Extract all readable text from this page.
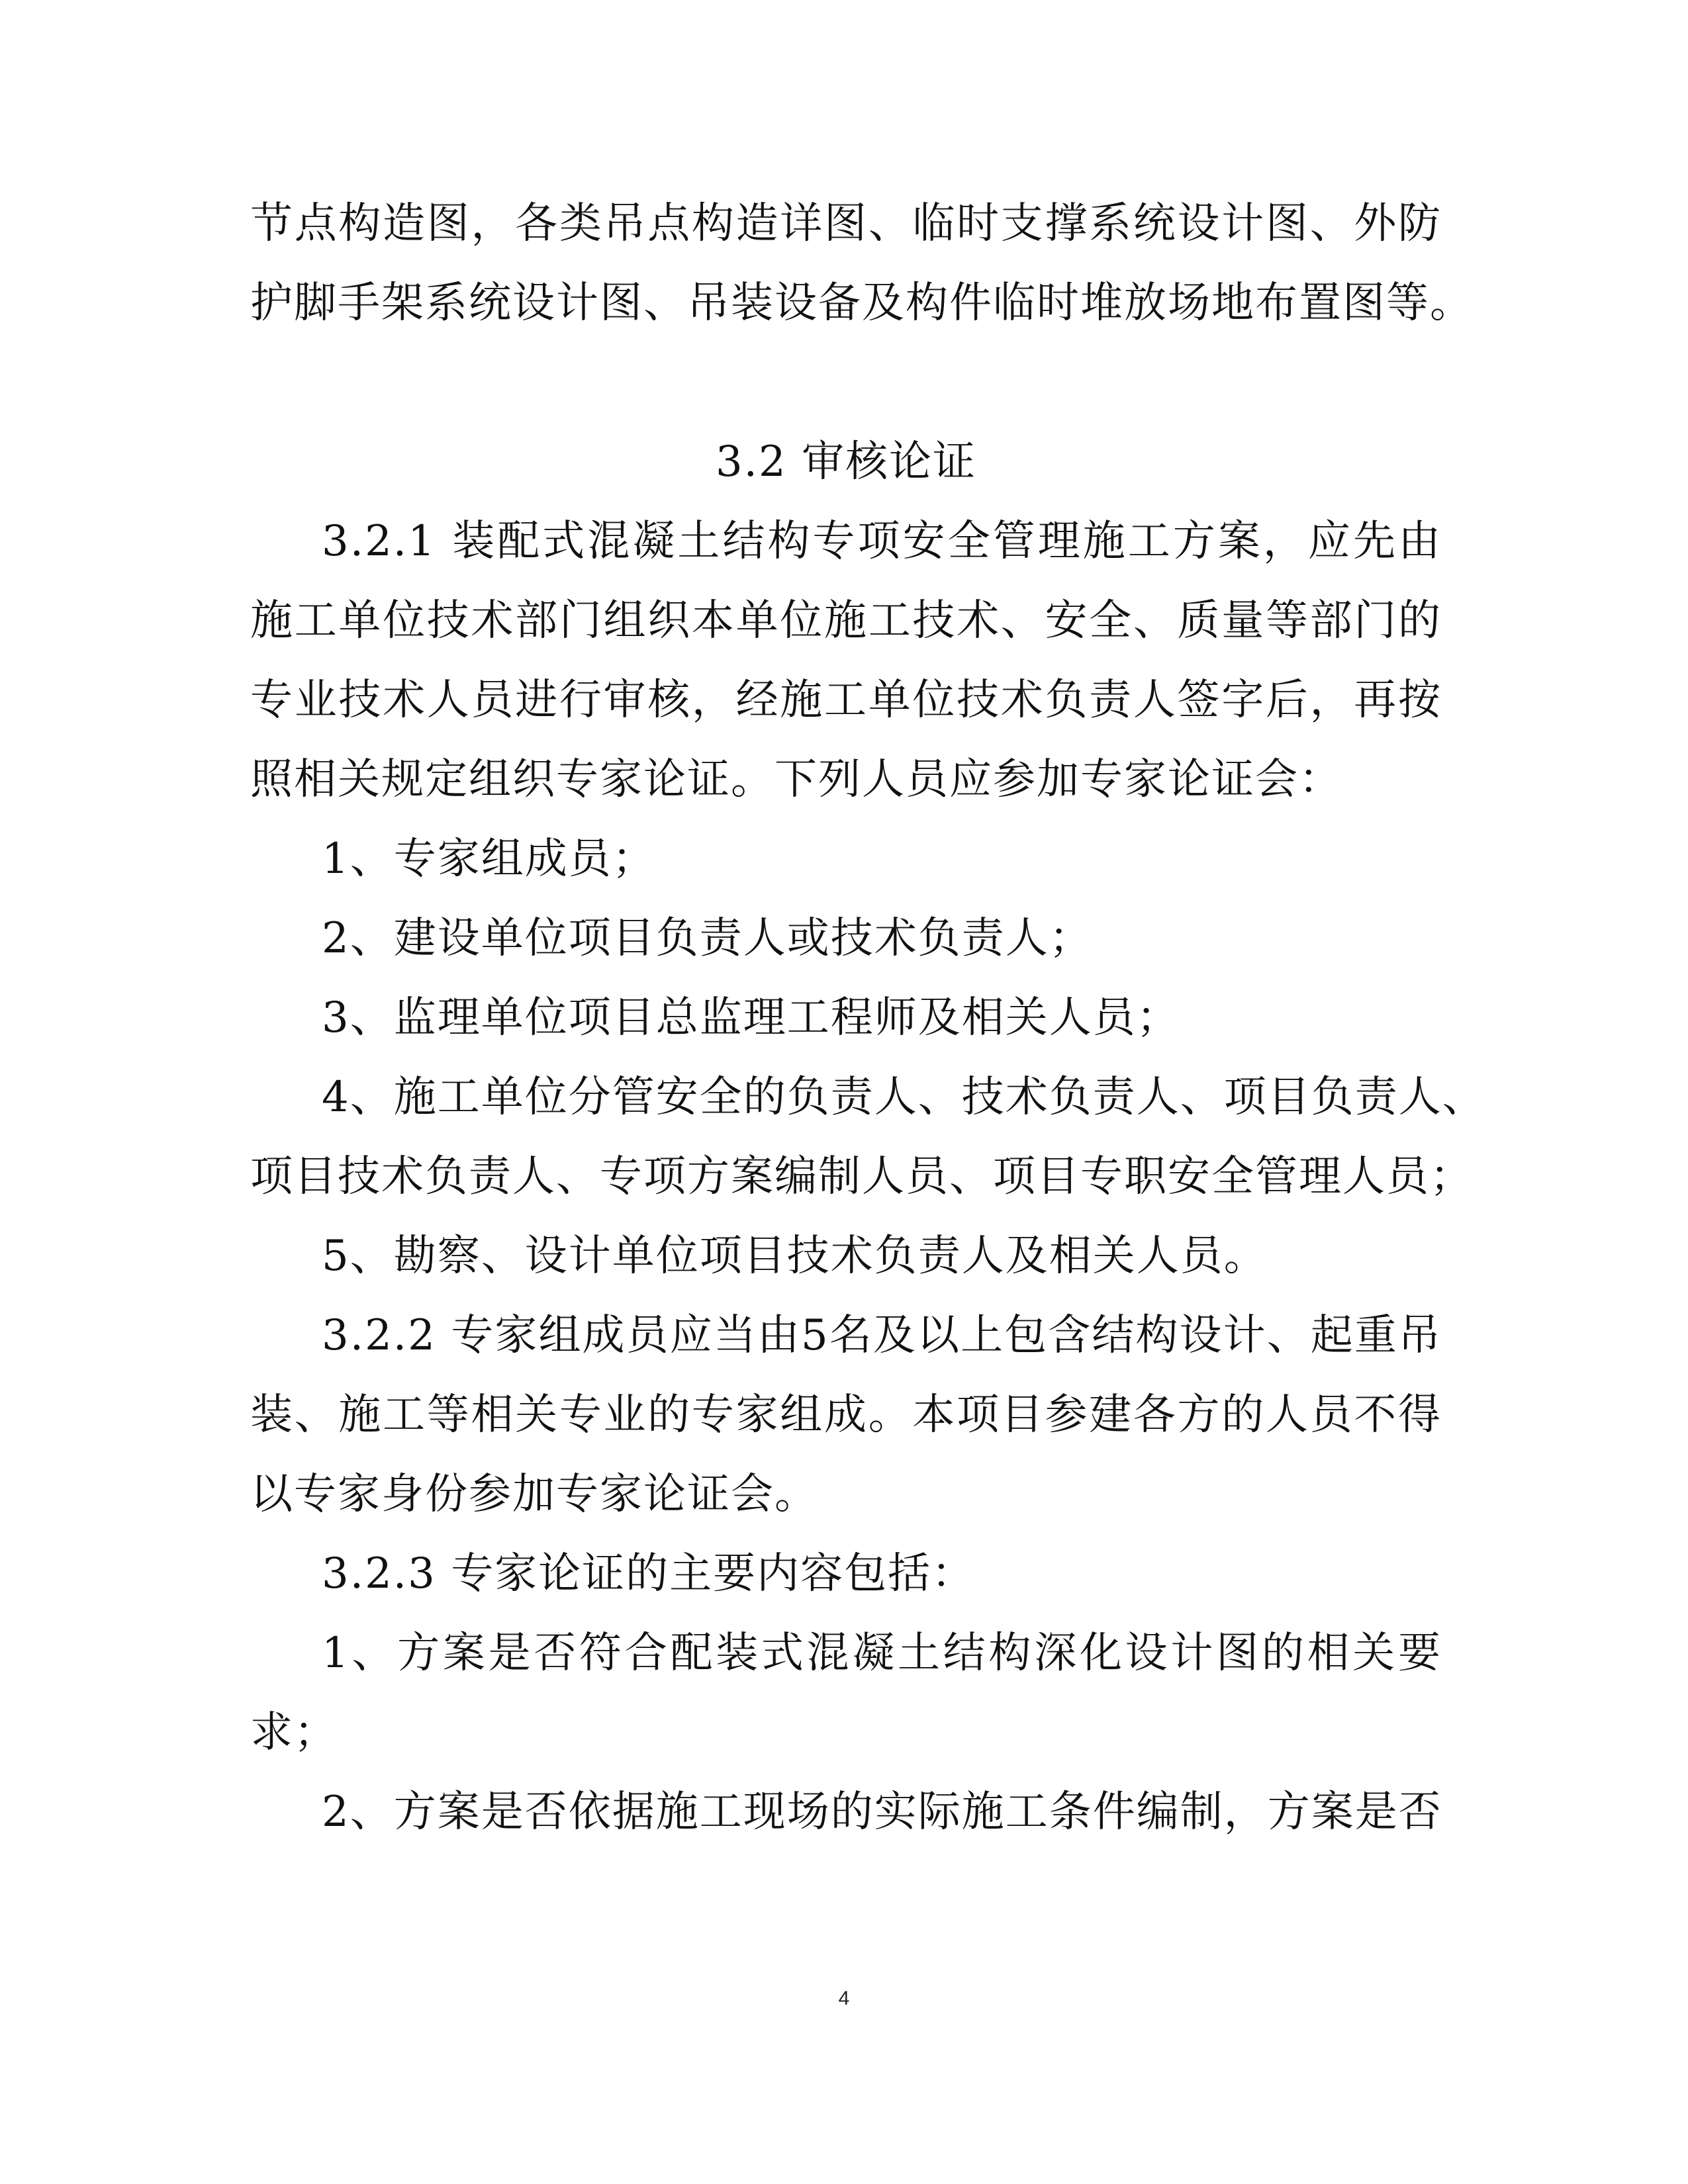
节点构造图，各类吊点构造详图、临时支撑系统设计图、外防
护脚手架系统设计图、吊装设备及构件临时堆放场地布置图等。
3.2 审核论证
3.2.1 装配式混凝土结构专项安全管理施工方案，应先由
施工单位技术部门组织本单位施工技术、安全、质量等部门的
专业技术人员进行审核，经施工单位技术负责人签字后，再按
照相关规定组织专家论证。下列人员应参加专家论证会：
1、专家组成员；
2、建设单位项目负责人或技术负责人；
3、监理单位项目总监理工程师及相关人员；
4、施工单位分管安全的负责人、技术负责人、项目负责人、
项目技术负责人、专项方案编制人员、项目专职安全管理人员；
5、勘察、设计单位项目技术负责人及相关人员。
3.2.2 专家组成员应当由5名及以上包含结构设计、起重吊
装、施工等相关专业的专家组成。本项目参建各方的人员不得
以专家身份参加专家论证会。
3.2.3 专家论证的主要内容包括：
1、方案是否符合配装式混凝土结构深化设计图的相关要
求；
2、方案是否依据施工现场的实际施工条件编制，方案是否
4
